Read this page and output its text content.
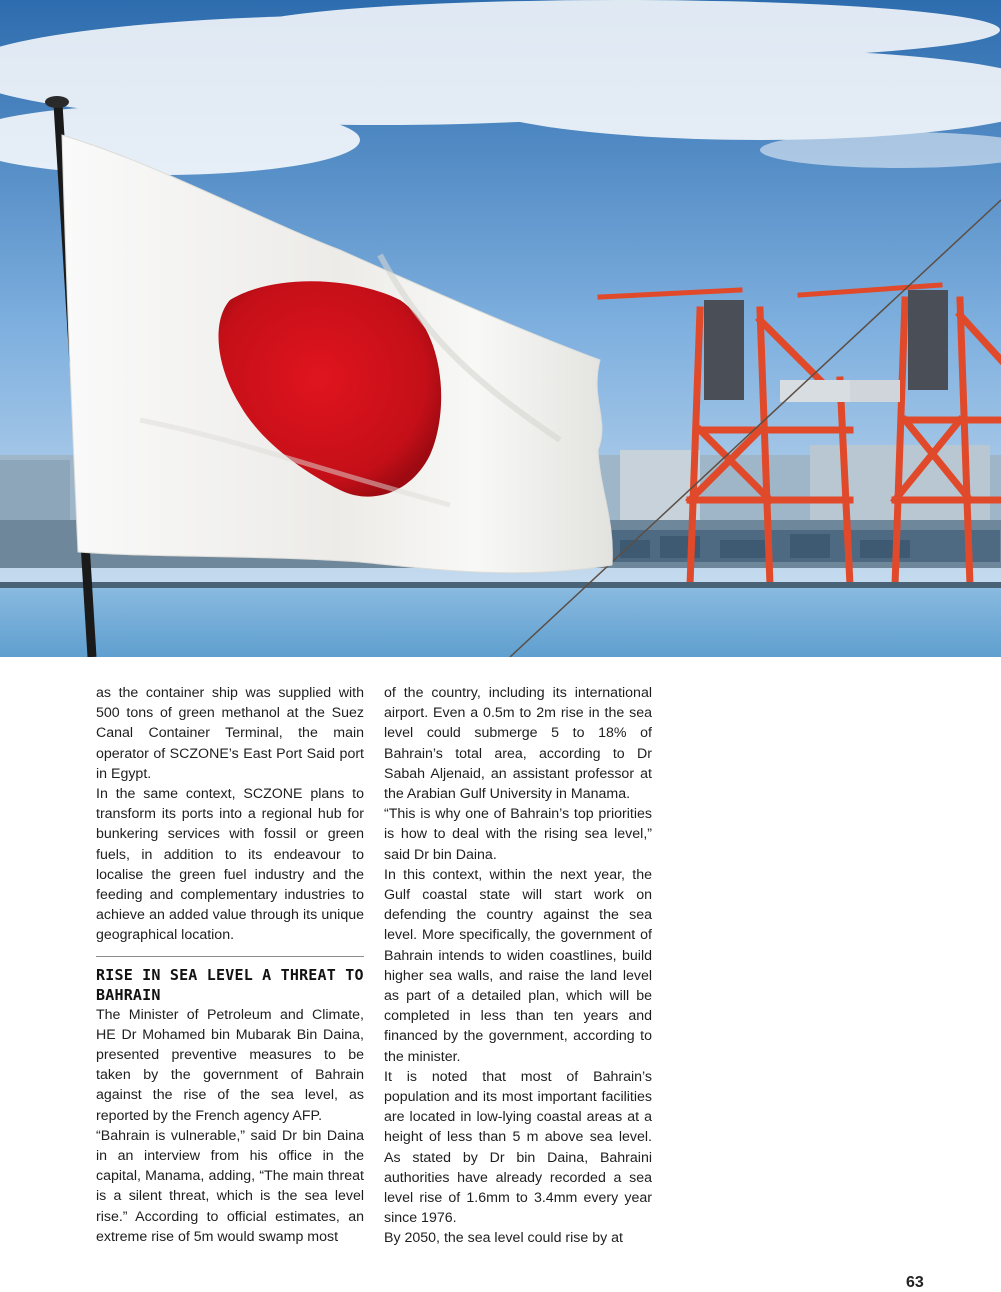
as the container ship was supplied with 500 tons of green methanol at the Suez Canal Container Terminal, the main operator of SCZONE’s East Port Said port in Egypt.

In the same context, SCZONE plans to transform its ports into a regional hub for bunkering services with fossil or green fuels, in addition to its endeavour to localise the green fuel industry and the feeding and complementary industries to achieve an added value through its unique geographical location.

RISE IN SEA LEVEL A THREAT TO BAHRAIN

The Minister of Petroleum and Climate, HE Dr Mohamed bin Mubarak Bin Daina, presented preventive measures to be taken by the government of Bahrain against the rise of the sea level, as reported by the French agency AFP.

“Bahrain is vulnerable,” said Dr bin Daina in an interview from his office in the capital, Manama, adding, “The main threat is a silent threat, which is the sea level rise.” According to official estimates, an extreme rise of 5m would swamp most

of the country, including its international airport. Even a 0.5m to 2m rise in the sea level could submerge 5 to 18% of Bahrain’s total area, according to Dr Sabah Aljenaid, an assistant professor at the Arabian Gulf University in Manama.

“This is why one of Bahrain’s top priorities is how to deal with the rising sea level,” said Dr bin Daina.

In this context, within the next year, the Gulf coastal state will start work on defending the country against the sea level. More specifically, the government of Bahrain intends to widen coastlines, build higher sea walls, and raise the land level as part of a detailed plan, which will be completed in less than ten years and financed by the government, according to the minister.

It is noted that most of Bahrain’s population and its most important facilities are located in low-lying coastal areas at a height of less than 5 m above sea level. As stated by Dr bin Daina, Bahraini authorities have already recorded a sea level rise of 1.6mm to 3.4mm every year since 1976.

By 2050, the sea level could rise by at

63
